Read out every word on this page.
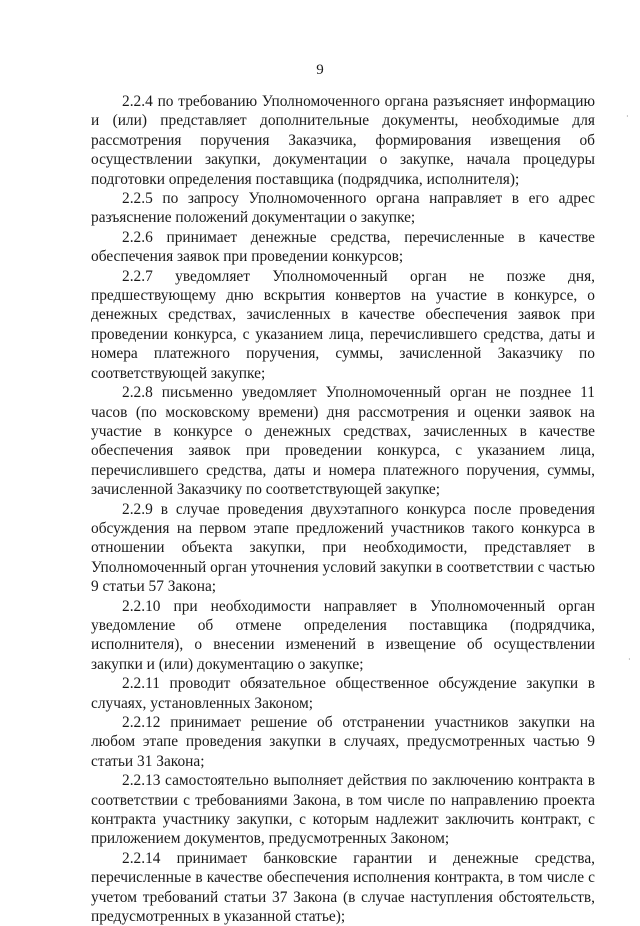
9

2.2.4 по требованию Уполномоченного органа разъясняет информацию и (или) представляет дополнительные документы, необходимые для рассмотрения поручения Заказчика, формирования извещения об осуществлении закупки, документации о закупке, начала процедуры подготовки определения поставщика (подрядчика, исполнителя);

2.2.5 по запросу Уполномоченного органа направляет в его адрес разъяснение положений документации о закупке;

2.2.6 принимает денежные средства, перечисленные в качестве обеспечения заявок при проведении конкурсов;

2.2.7 уведомляет Уполномоченный орган не позже дня, предшествующему дню вскрытия конвертов на участие в конкурсе, о денежных средствах, зачисленных в качестве обеспечения заявок при проведении конкурса, с указанием лица, перечислившего средства, даты и номера платежного поручения, суммы, зачисленной Заказчику по соответствующей закупке;

2.2.8 письменно уведомляет Уполномоченный орган не позднее 11 часов (по московскому времени) дня рассмотрения и оценки заявок на участие в конкурсе о денежных средствах, зачисленных в качестве обеспечения заявок при проведении конкурса, с указанием лица, перечислившего средства, даты и номера платежного поручения, суммы, зачисленной Заказчику по соответствующей закупке;

2.2.9 в случае проведения двухэтапного конкурса после проведения обсуждения на первом этапе предложений участников такого конкурса в отношении объекта закупки, при необходимости, представляет в Уполномоченный орган уточнения условий закупки в соответствии с частью 9 статьи 57 Закона;

2.2.10 при необходимости направляет в Уполномоченный орган уведомление об отмене определения поставщика (подрядчика, исполнителя), о внесении изменений в извещение об осуществлении закупки и (или) документацию о закупке;

2.2.11 проводит обязательное общественное обсуждение закупки в случаях, установленных Законом;

2.2.12 принимает решение об отстранении участников закупки на любом этапе проведения закупки в случаях, предусмотренных частью 9 статьи 31 Закона;

2.2.13 самостоятельно выполняет действия по заключению контракта в соответствии с требованиями Закона, в том числе по направлению проекта контракта участнику закупки, с которым надлежит заключить контракт, с приложением документов, предусмотренных Законом;

2.2.14 принимает банковские гарантии и денежные средства, перечисленные в качестве обеспечения исполнения контракта, в том числе с учетом требований статьи 37 Закона (в случае наступления обстоятельств, предусмотренных в указанной статье);

·
·
